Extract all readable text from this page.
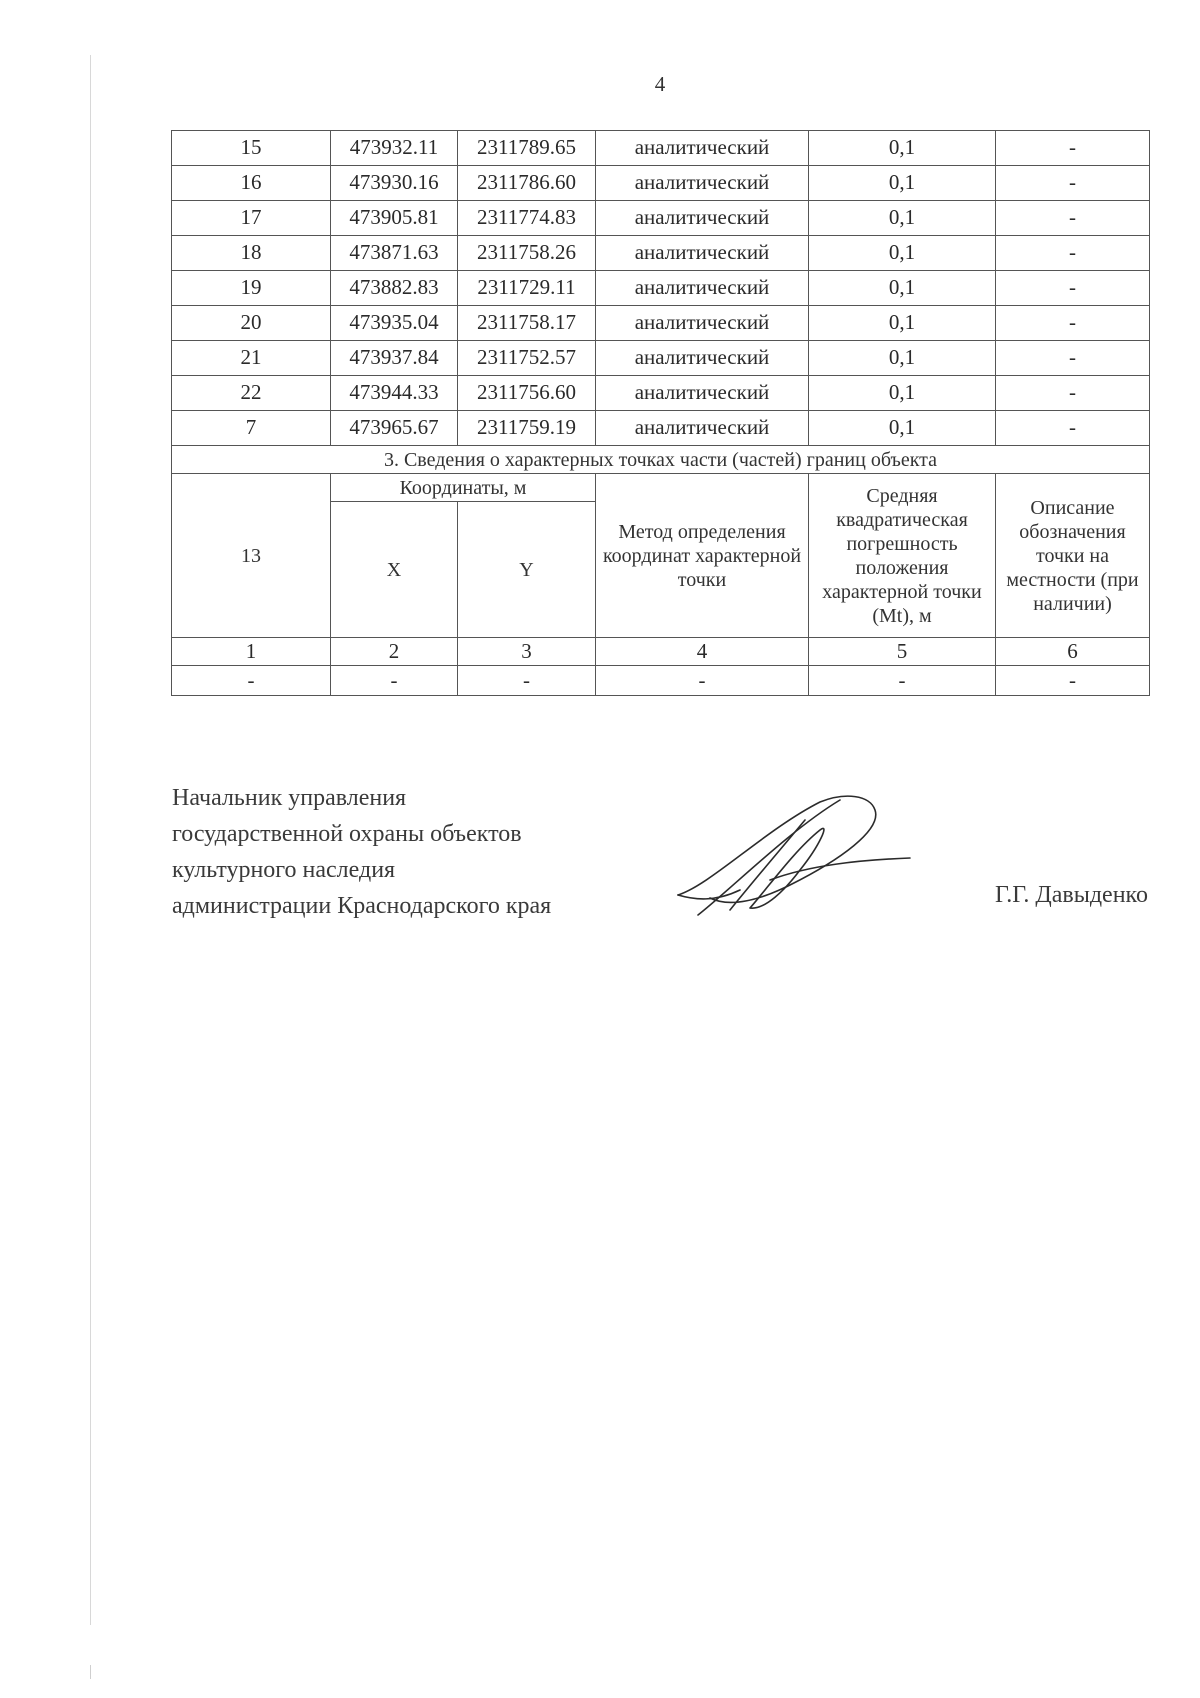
4
15	473932.11	2311789.65	аналитический	0,1	-
16	473930.16	2311786.60	аналитический	0,1	-
17	473905.81	2311774.83	аналитический	0,1	-
18	473871.63	2311758.26	аналитический	0,1	-
19	473882.83	2311729.11	аналитический	0,1	-
20	473935.04	2311758.17	аналитический	0,1	-
21	473937.84	2311752.57	аналитический	0,1	-
22	473944.33	2311756.60	аналитический	0,1	-
7	473965.67	2311759.19	аналитический	0,1	-
3. Сведения о характерных точках части (частей) границ объекта					
13	Координаты, м		Метод определения координат характерной точки	Средняя квадратическая погрешность положения характерной точки (Mt), м	Описание обозначения точки на местности (при наличии)
	X	Y			
1	2	3	4	5	6
-	-	-	-	-	-
Начальник управления
государственной охраны объектов
культурного наследия
администрации Краснодарского края	Г.Г. Давыденко
